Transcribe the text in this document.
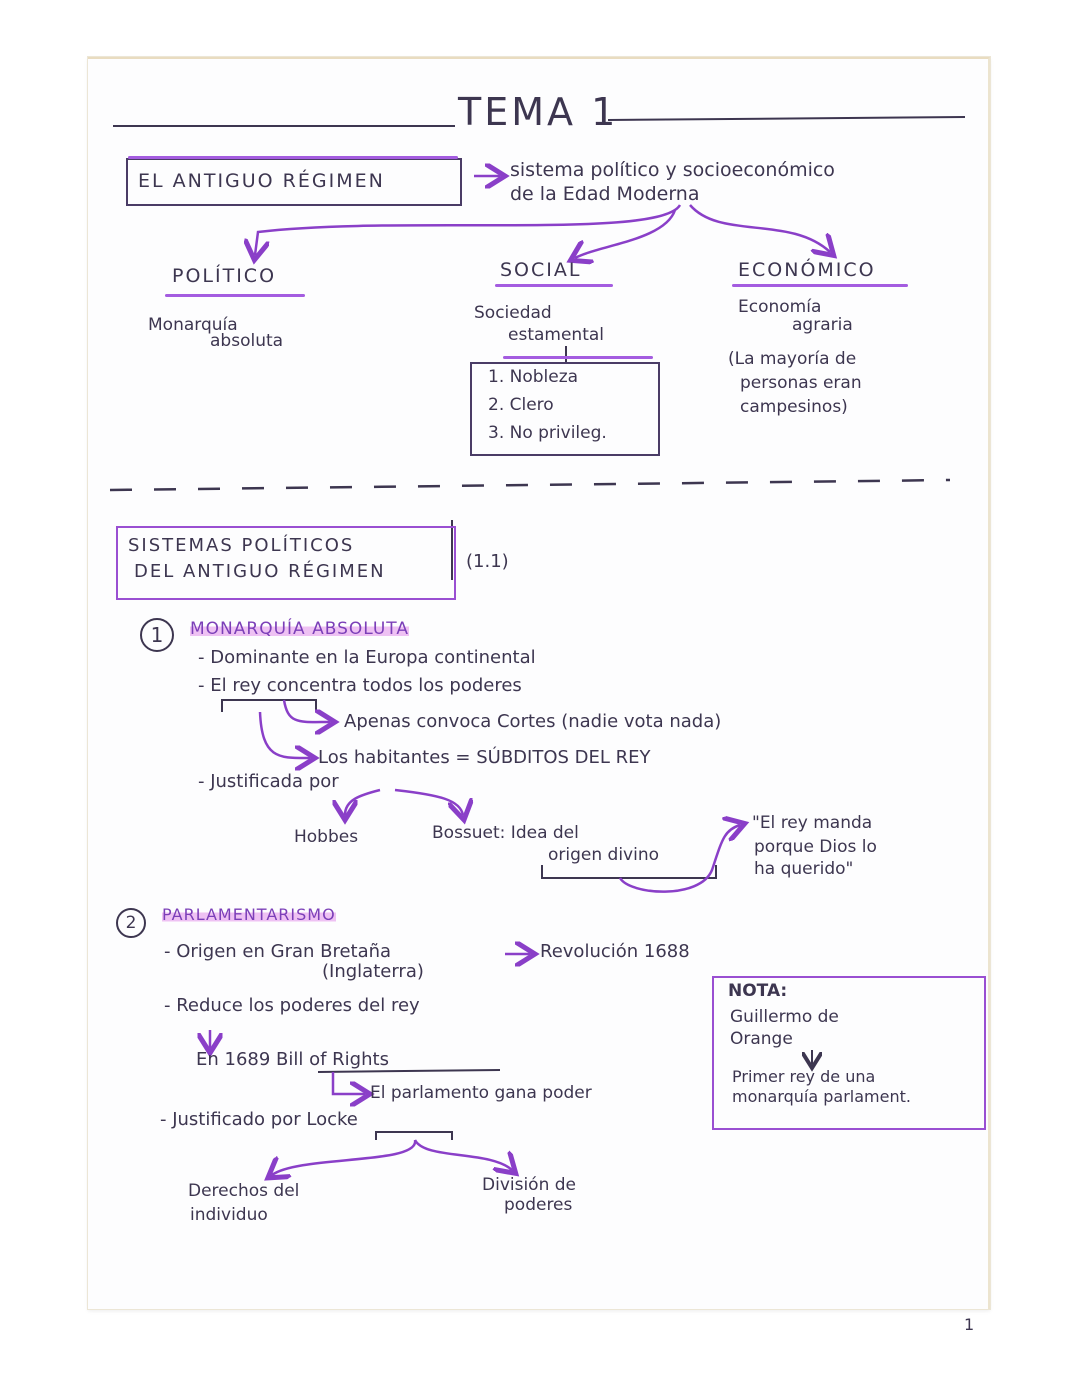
TEMA 1
EL ANTIGUO RÉGIMEN	sistema político y socioeconómico
de la Edad Moderna
POLÍTICO
Monarquía
absoluta
SOCIAL
Sociedad
estamental
1. Nobleza
2. Clero
3. No privileg.
ECONÓMICO
Economía
agraria
(La mayoría de
personas eran
campesinos)
SISTEMAS POLÍTICOS
DEL ANTIGUO RÉGIMEN	(1.1)
1	MONARQUÍA ABSOLUTA
- Dominante en la Europa continental
- El rey concentra todos los poderes
Apenas convoca Cortes (nadie vota nada)
Los habitantes = SÚBDITOS DEL REY
- Justificada por
Hobbes	Bossuet: Idea del
origen divino
"El rey manda
porque Dios lo
ha querido"
2	PARLAMENTARISMO
- Origen en Gran Bretaña	Revolución 1688
(Inglaterra)
- Reduce los poderes del rey
En 1689 Bill of Rights
El parlamento gana poder
- Justificado por Locke
Derechos del
individuo
División de
poderes
NOTA:
Guillermo de
Orange
Primer rey de una
monarquía parlament.
1
